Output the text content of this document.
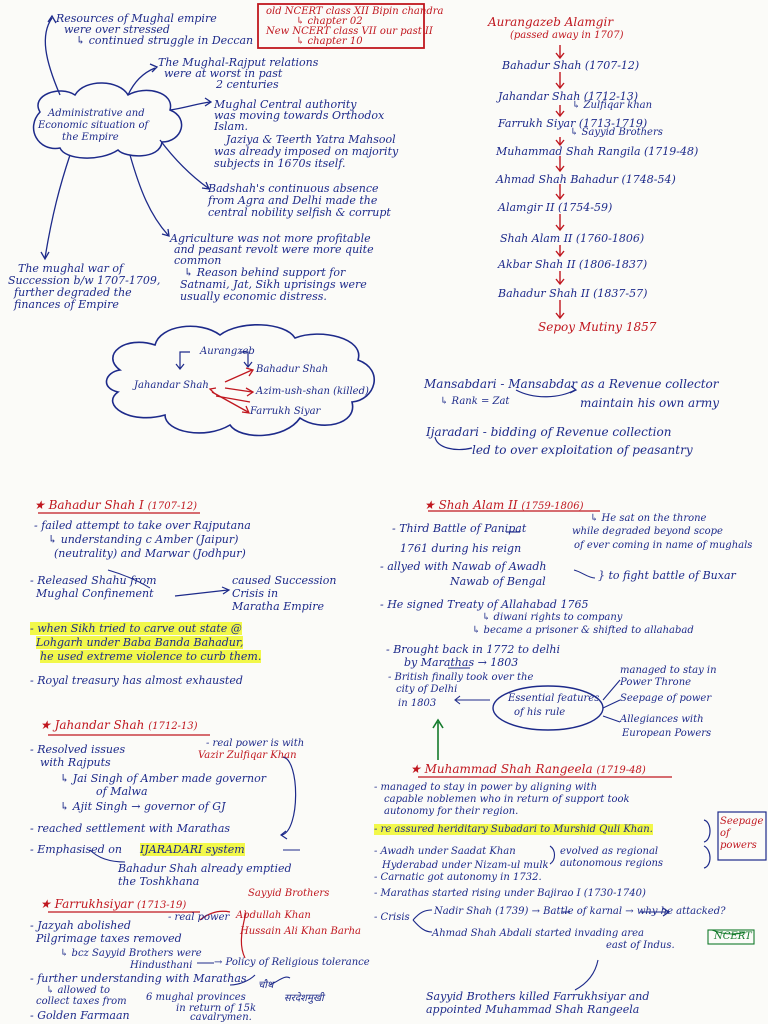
old NCERT class XII Bipin chandra
↳ chapter 02
New NCERT class VII our past II
↳ chapter 10
Administrative and
Economic situation of
the Empire
Resources of Mughal empire
were over stressed
↳ continued struggle in Deccan
The Mughal-Rajput relations
were at worst in past
2 centuries
Mughal Central authority
was moving towards Orthodox
Islam.
Jaziya & Teerth Yatra Mahsool
was already imposed on majority
subjects in 1670s itself.
Badshah's continuous absence
from Agra and Delhi made the
central nobility selfish & corrupt
Agriculture was not more profitable
and peasant revolt were more quite
common
↳ Reason behind support for
Satnami, Jat, Sikh uprisings were
usually economic distress.
The mughal war of
Succession b/w 1707-1709,
further degraded the
finances of Empire
Aurangazeb Alamgir
(passed away in 1707)
Bahadur Shah (1707-12)
Jahandar Shah (1712-13)
↳ Zulfiqar khan
Farrukh Siyar (1713-1719)
↳ Sayyid Brothers
Muhammad Shah Rangila (1719-48)
Ahmad Shah Bahadur (1748-54)
Alamgir II (1754-59)
Shah Alam II (1760-1806)
Akbar Shah II (1806-1837)
Bahadur Shah II (1837-57)
Sepoy Mutiny 1857
Aurangzeb
Bahadur Shah
Jahandar Shah
Azim-ush-shan (killed)
Farrukh Siyar
Mansabdari - Mansabdar as a Revenue collector
↳ Rank = Zat	maintain his own army
Ijaradari - bidding of Revenue collection
led to over exploitation of peasantry
★ Bahadur Shah I (1707-12)
- failed attempt to take over Rajputana
↳ understanding c Amber (Jaipur)
(neutrality) and Marwar (Jodhpur)
- Released Shahu from
Mughal Confinement
caused Succession
Crisis in
Maratha Empire
- when Sikh tried to carve out state @
Lohgarh under Baba Banda Bahadur,
he used extreme violence to curb them.
- Royal treasury has almost exhausted
★ Jahandar Shah (1712-13)
- Resolved issues
with Rajputs
- real power is with
Vazir Zulfiqar Khan
↳ Jai Singh of Amber made governor
of Malwa
↳ Ajit Singh → governor of GJ
- reached settlement with Marathas
- Emphasised on IJARADARI system
Bahadur Shah already emptied
the Toshkhana
★ Farrukhsiyar (1713-19)
- Jazyah abolished
Pilgrimage taxes removed
- real power
Sayyid Brothers
Abdullah Khan
Hussain Ali Khan Barha
↳ bcz Sayyid Brothers were
Hindusthani → Policy of Religious tolerance
- further understanding with Marathas
↳ allowed to
collect taxes from 6 mughal provinces
in return of 15k
cavalrymen.
- Golden Farmaan
चौथ
सरदेशमुखी
★ Shah Alam II (1759-1806)
- Third Battle of Panipat
1761 during his reign
↳ He sat on the throne
while degraded beyond scope
of ever coming in name of mughals
- allyed with Nawab of Awadh
Nawab of Bengal	} to fight battle of Buxar
- He signed Treaty of Allahabad 1765
↳ diwani rights to company
↳ became a prisoner & shifted to allahabad
- Brought back in 1772 to delhi
by Marathas → 1803
- British finally took over the
city of Delhi
in 1803	Essential features
of his rule
managed to stay in
Power Throne
Seepage of power
Allegiances with
European Powers
★ Muhammad Shah Rangeela (1719-48)
- managed to stay in power by aligning with
capable noblemen who in return of support took
autonomy for their region.
- re assured heriditary Subadari to Murshid Quli Khan.
- Awadh under Saadat Khan
Hyderabad under Nizam-ul mulk
evolved as regional
autonomous regions
Seepage of powers
- Carnatic got autonomy in 1732.
- Marathas started rising under Bajirao I (1730-1740)
- Crisis
Nadir Shah (1739) → Battle of karnal → why he attacked?
Ahmad Shah Abdali started invading area
east of Indus.
NCERT
Sayyid Brothers killed Farrukhsiyar and
appointed Muhammad Shah Rangeela
